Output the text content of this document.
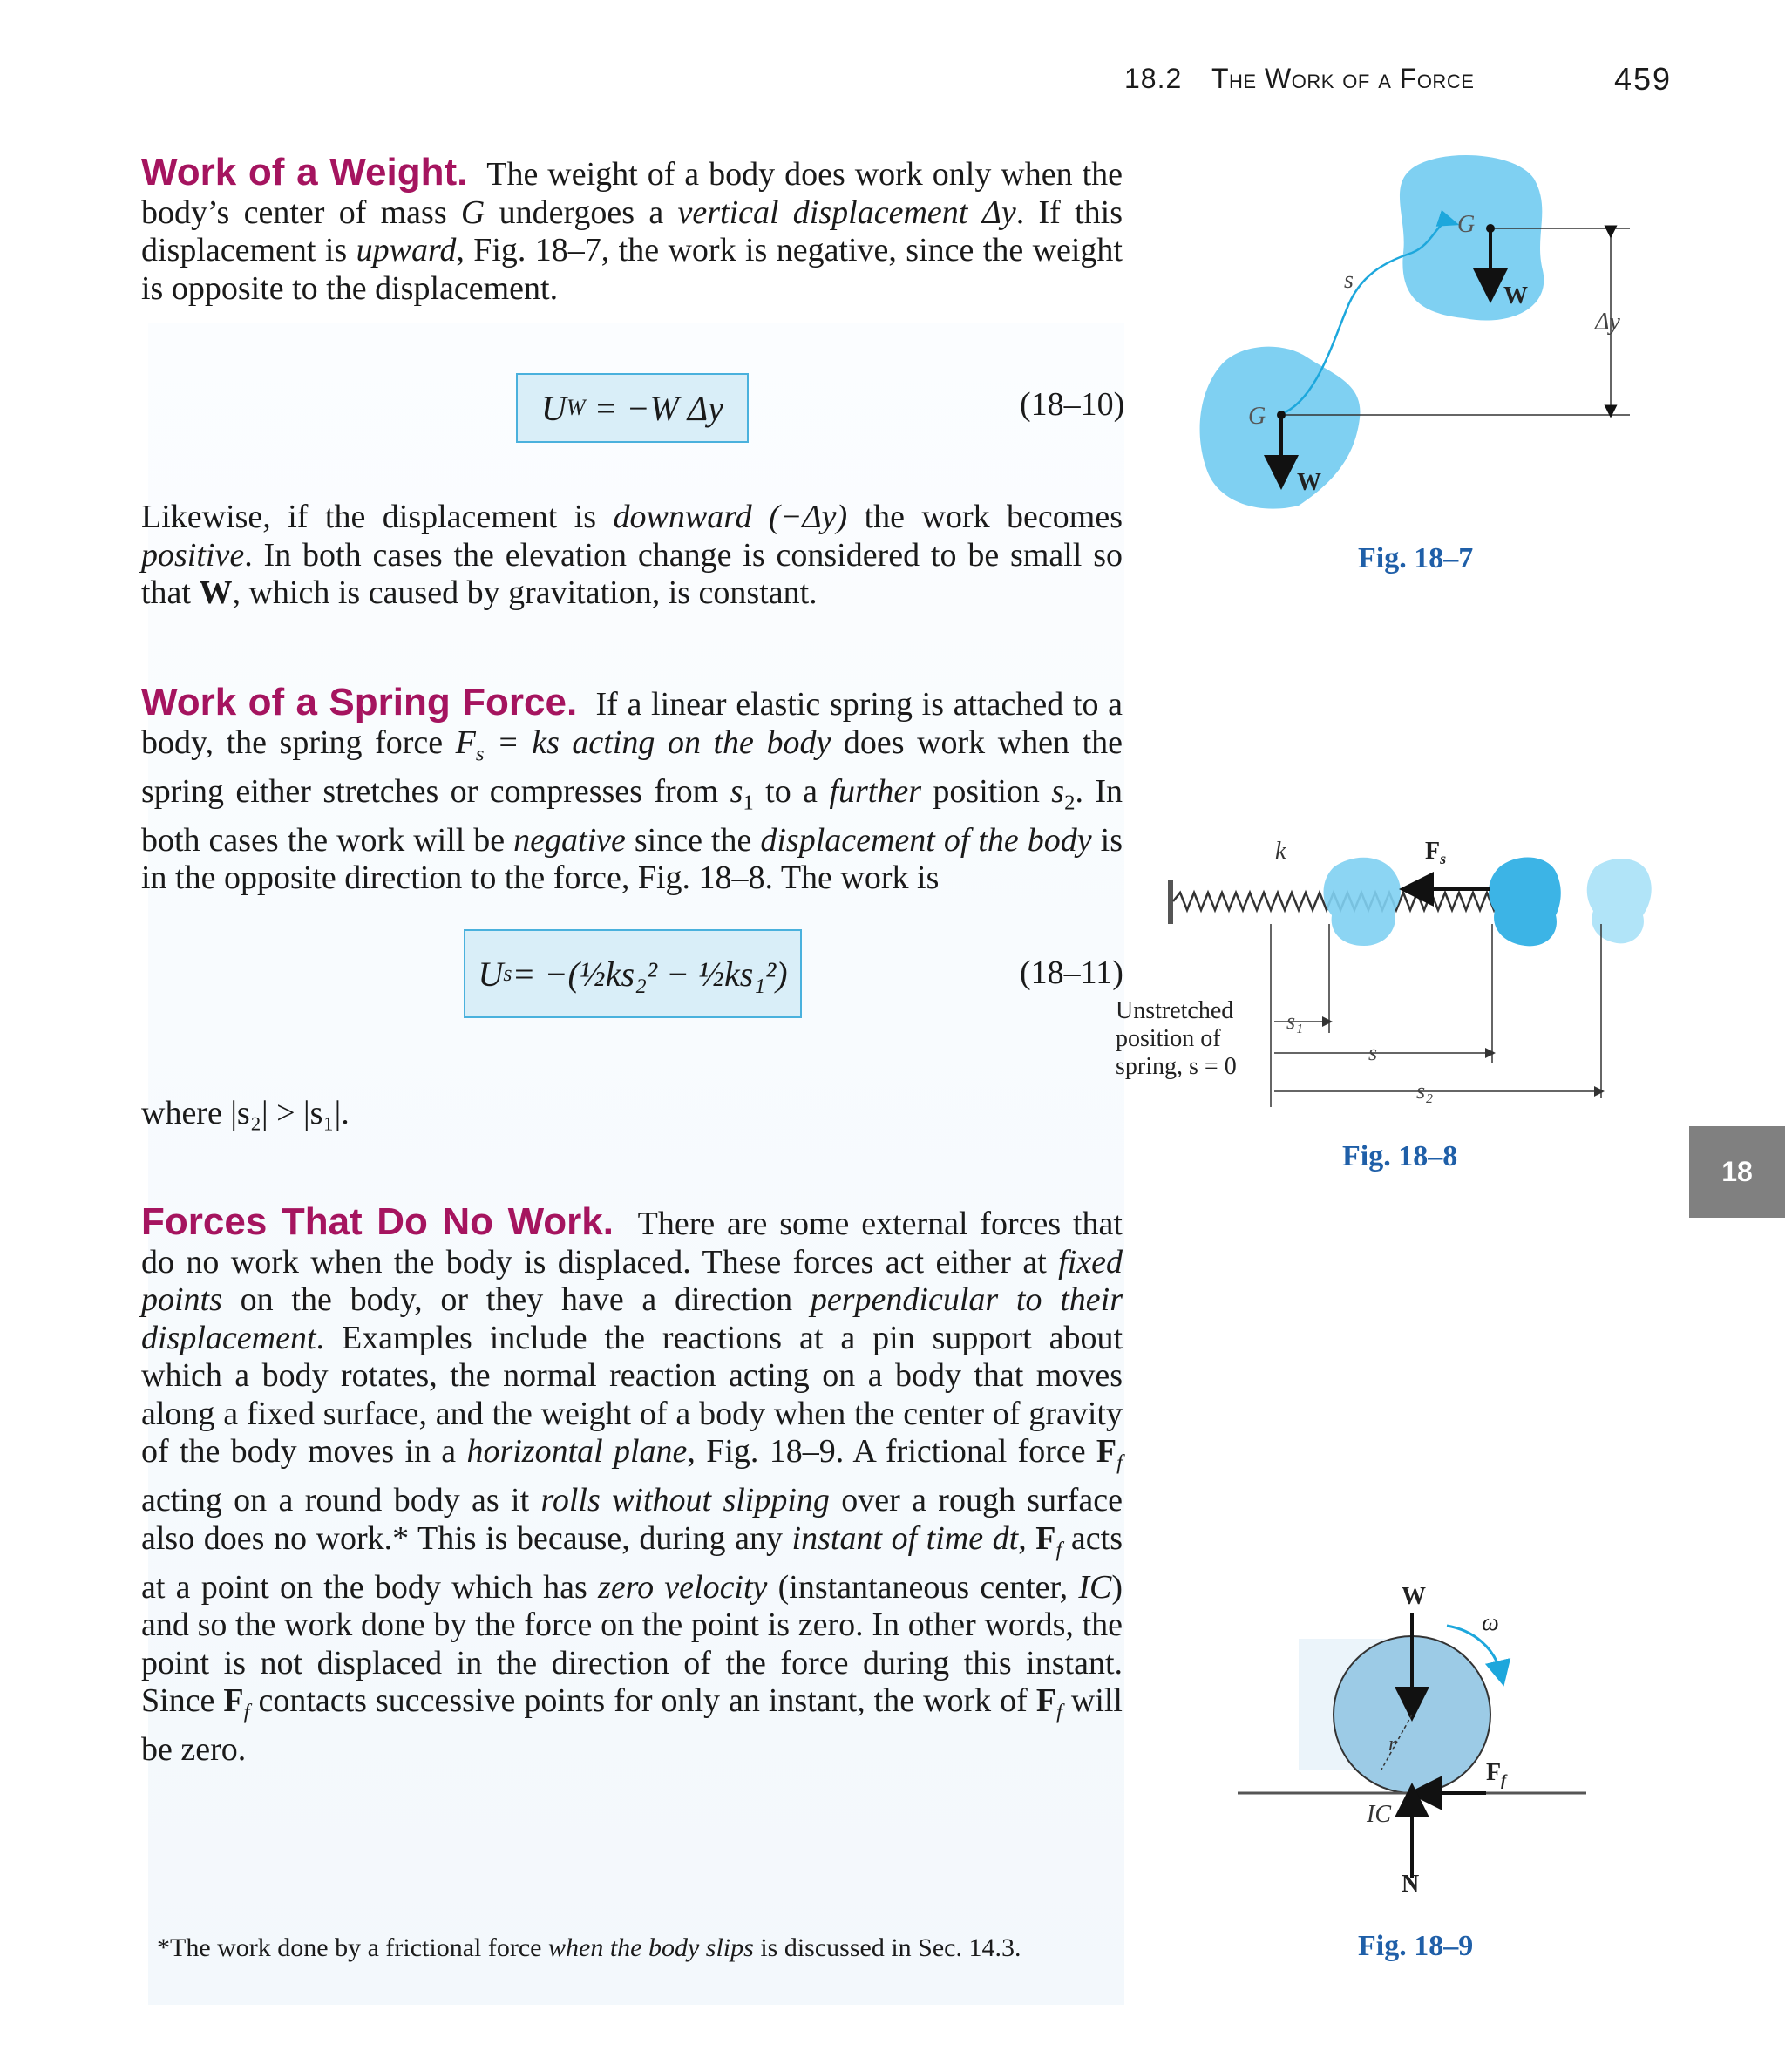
18.2 The Work of a Force	459
Work of a Weight. The weight of a body does work only when the body’s center of mass G undergoes a vertical displacement Δy. If this displacement is upward, Fig. 18–7, the work is negative, since the weight is opposite to the displacement.
U W
= −W Δy	(18–10)
Likewise, if the displacement is downward (−Δy) the work becomes positive. In both cases the elevation change is considered to be small so that W, which is caused by gravitation, is constant.
Work of a Spring Force. If a linear elastic spring is attached to a body, the spring force $F_s$ = ks acting on the body does work when the spring either stretches or compresses from $s_1$ to a further position $s_2$. In both cases the work will be negative since the displacement of the body is in the opposite direction to the force, Fig. 18–8. The work is
U s = −(½ks₂² − ½ks₁²)	(18–11)
where |s₂| > |s₁|.
Forces That Do No Work. There are some external forces that do no work when the body is displaced. These forces act either at fixed points on the body, or they have a direction perpendicular to their displacement. Examples include the reactions at a pin support about which a body rotates, the normal reaction acting on a body that moves along a fixed surface, and the weight of a body when the center of gravity of the body moves in a horizontal plane, Fig. 18–9. A frictional force $F_f$ acting on a round body as it rolls without slipping over a rough surface also does no work.* This is because, during any instant of time dt, $F_f$ acts at a point on the body which has zero velocity (instantaneous center, IC) and so the work done by the force on the point is zero. In other words, the point is not displaced in the direction of the force during this instant. Since $F_f$ contacts successive points for only an instant, the work of $F_f$ will be zero.
*The work done by a frictional force when the body slips is discussed in Sec. 14.3.
18
G
G
W
W
s
Δy
Fig. 18–7
k	$F_s$
Unstretched
position of
spring, s = 0
s₁
s
s₂
Fig. 18–8
W
ω
r
$F_f$
IC
N
Fig. 18–9
